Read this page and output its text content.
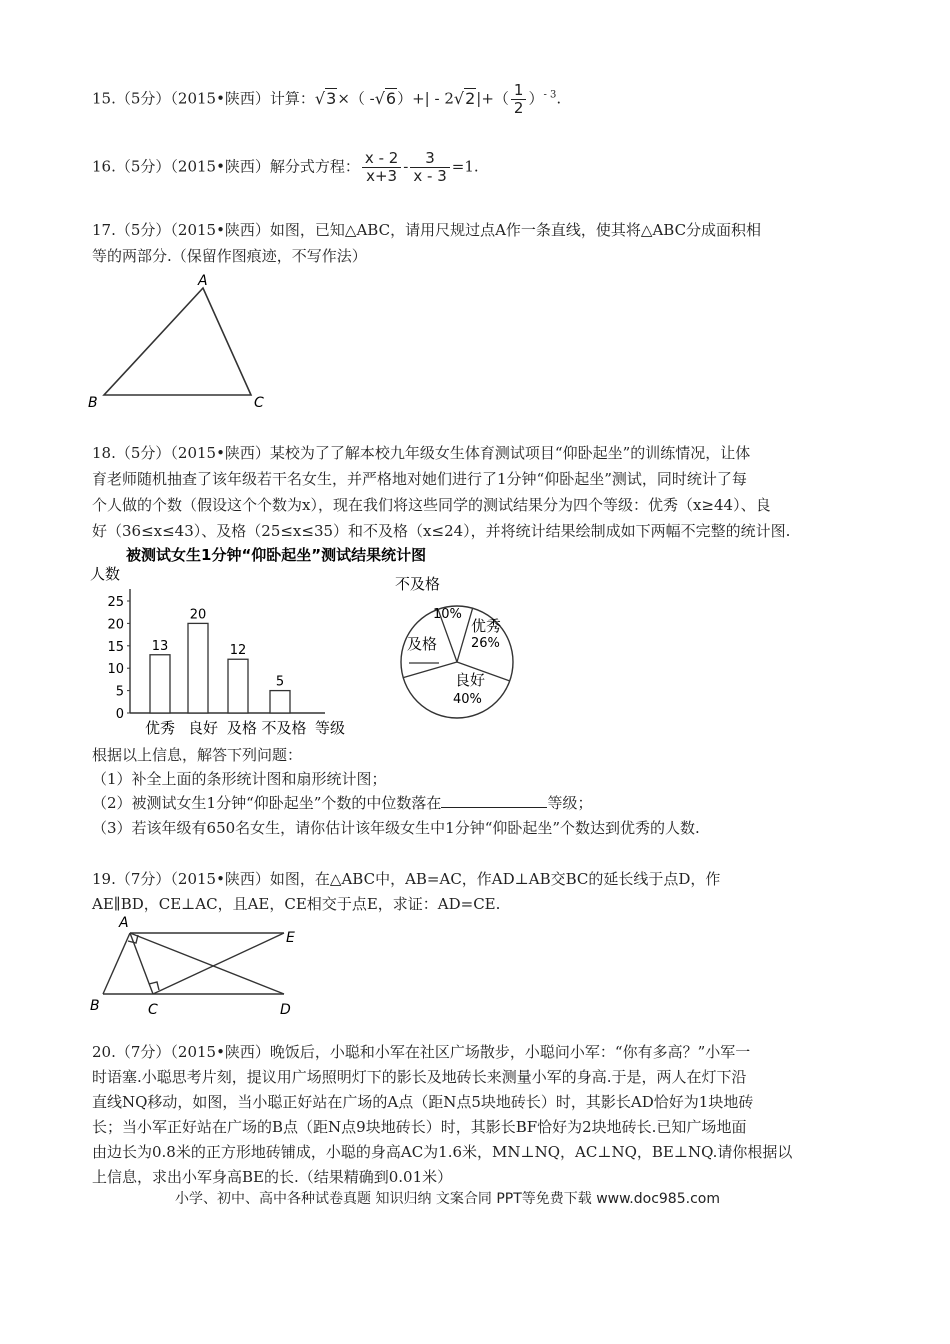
15.（5分）（2015•陕西）计算：√3×（ $-√6)+| - 2√2|+( \frac{1}{2} )^{- 3}$.
16.（5分）（2015•陕西）解分式方程： $\frac{x - 2}{x+3} - \frac{3}{x - 3} =1$.
17.（5分）（2015•陕西）如图，已知△ABC，请用尺规过点A作一条直线，使其将△ABC分成面积相
等的两部分.（保留作图痕迹，不写作法）
A
B	C
18.（5分）（2015•陕西）某校为了了解本校九年级女生体育测试项目“仰卧起坐”的训练情况，让体
育老师随机抽查了该年级若干名女生，并严格地对她们进行了1分钟“仰卧起坐”测试，同时统计了每
个人做的个数（假设这个个数为x），现在我们将这些同学的测试结果分为四个等级：优秀（x≥44）、良
好（36≤x≤43）、及格（25≤x≤35）和不及格（x≤24），并将统计结果绘制成如下两幅不完整的统计图.
被测试女生1分钟“仰卧起坐”测试结果统计图
人数
等级
0
5
10
15
20
25
13
20
12
5
优秀 良好 及格 不及格
不及格
10%
优秀
26%
良好
40%
及格
根据以上信息，解答下列问题：
（1）补全上面的条形统计图和扇形统计图；
（2）被测试女生1分钟“仰卧起坐”个数的中位数落在	等级；
（3）若该年级有650名女生，请你估计该年级女生中1分钟“仰卧起坐”个数达到优秀的人数.
19.（7分）（2015•陕西）如图，在△ABC中，AB=AC，作AD⊥AB交BC的延长线于点D，作
AE∥BD，CE⊥AC，且AE，CE相交于点E，求证：AD=CE.
A
E
B	C	D
20.（7分）（2015•陕西）晚饭后，小聪和小军在社区广场散步，小聪问小军：“你有多高？”小军一
时语塞.小聪思考片刻，提议用广场照明灯下的影长及地砖长来测量小军的身高.于是，两人在灯下沿
直线NQ移动，如图，当小聪正好站在广场的A点（距N点5块地砖长）时，其影长AD恰好为1块地砖
长；当小军正好站在广场的B点（距N点9块地砖长）时，其影长BF恰好为2块地砖长.已知广场地面
由边长为0.8米的正方形地砖铺成，小聪的身高AC为1.6米，MN⊥NQ，AC⊥NQ，BE⊥NQ.请你根据以
上信息，求出小军身高BE的长.（结果精确到0.01米）
小学、初中、高中各种试卷真题 知识归纳 文案合同 PPT等免费下载 www.doc985.com
